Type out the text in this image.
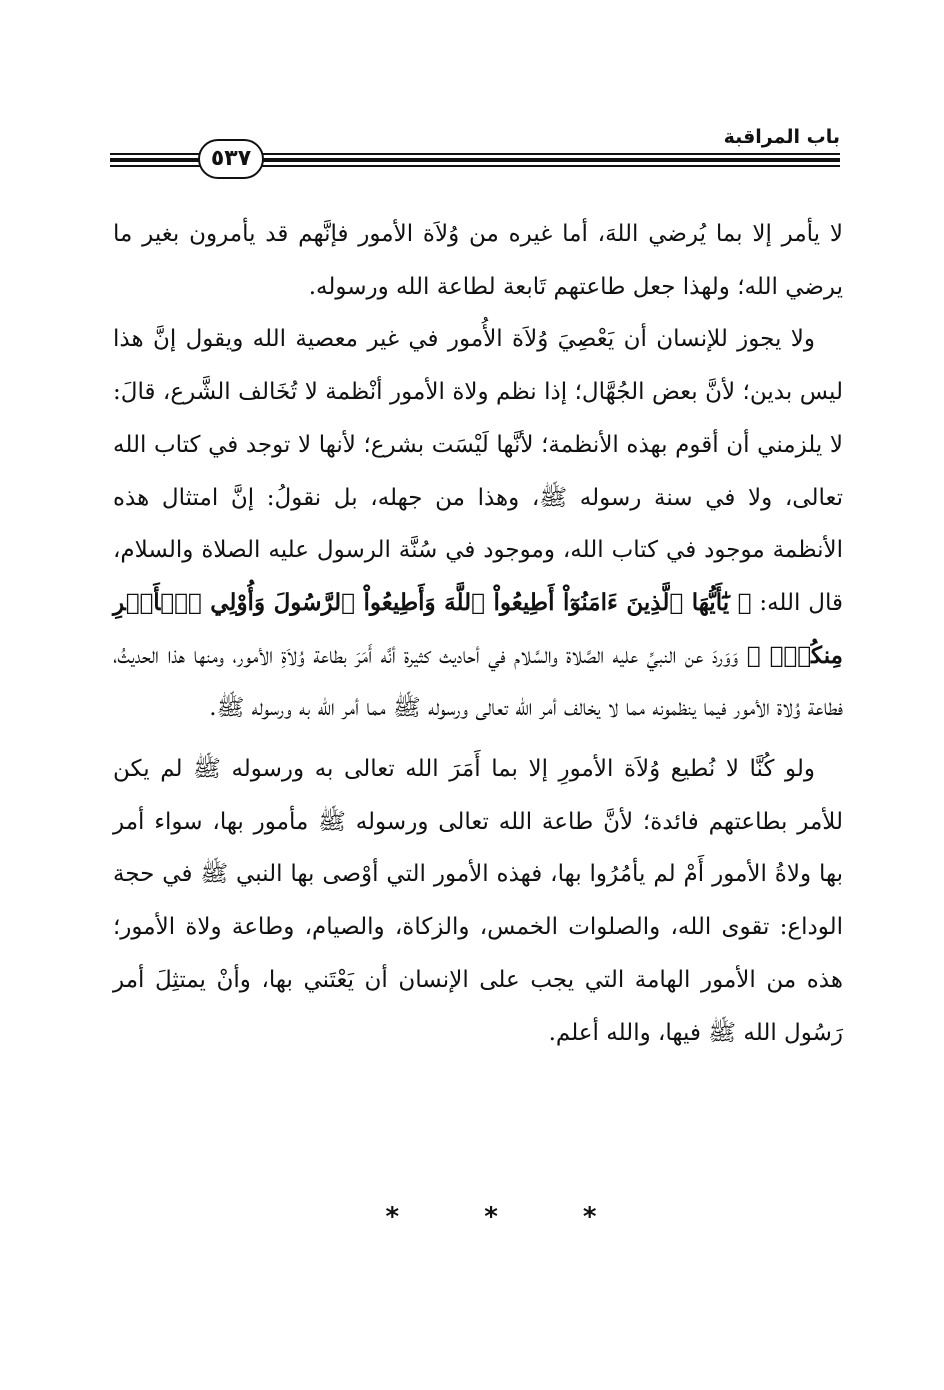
باب المراقبة
٥٣٧

لا يأمر إلا بما يُرضي اللهَ، أما غيره من وُلاَة الأمور فإنَّهم قد يأمرون بغير ما يرضي الله؛ ولهذا جعل طاعتهم تَابعة لطاعة الله ورسوله.

ولا يجوز للإنسان أن يَعْصِيَ وُلاَة الأُمور في غير معصية الله ويقول إنَّ هذا ليس بدين؛ لأنَّ بعض الجُهَّال؛ إذا نظم ولاة الأمور أنْظمة لا تُخَالف الشَّرع، قالَ: لا يلزمني أن أقوم بهذه الأنظمة؛ لأنَّها لَيْسَت بشرع؛ لأنها لا توجد في كتاب الله تعالى، ولا في سنة رسوله ﷺ، وهذا من جهله، بل نقولُ: إنَّ امتثال هذه الأنظمة موجود في كتاب الله، وموجود في سُنَّة الرسول عليه الصلاة والسلام، قال الله: ﴿ يَٰٓأَيُّهَا ٱلَّذِينَ ءَامَنُوٓاْ أَطِيعُواْ ٱللَّهَ وَأَطِيعُواْ ٱلرَّسُولَ وَأُوْلِي ٱلۡأَمۡرِ مِنكُمۡۖ ﴾ وَوَردَ عن النبيِّ عليه الصَّلاة والسَّلام في أحاديث كثيرة أنَّه أَمَرَ بطاعة وُلاَةِ الأمور، ومنها هذا الحديثُ، فطاعة وُلاة الأمور فيما ينظمونه مما لا يخالف أمر الله تعالى ورسوله ﷺ مما أمر الله به ورسوله ﷺ.

ولو كُنَّا لا نُطيع وُلاَة الأمورِ إلا بما أَمَرَ الله تعالى به ورسوله ﷺ لم يكن للأمر بطاعتهم فائدة؛ لأنَّ طاعة الله تعالى ورسوله ﷺ مأمور بها، سواء أمر بها ولاةُ الأمور أَمْ لم يأمُرُوا بها، فهذه الأمور التي أوْصى بها النبي ﷺ في حجة الوداع: تقوى الله، والصلوات الخمس، والزكاة، والصيام، وطاعة ولاة الأمور؛ هذه من الأمور الهامة التي يجب على الإنسان أن يَعْتَني بها، وأنْ يمتثِلَ أمر رَسُول الله ﷺ فيها، والله أعلم.

* * *
